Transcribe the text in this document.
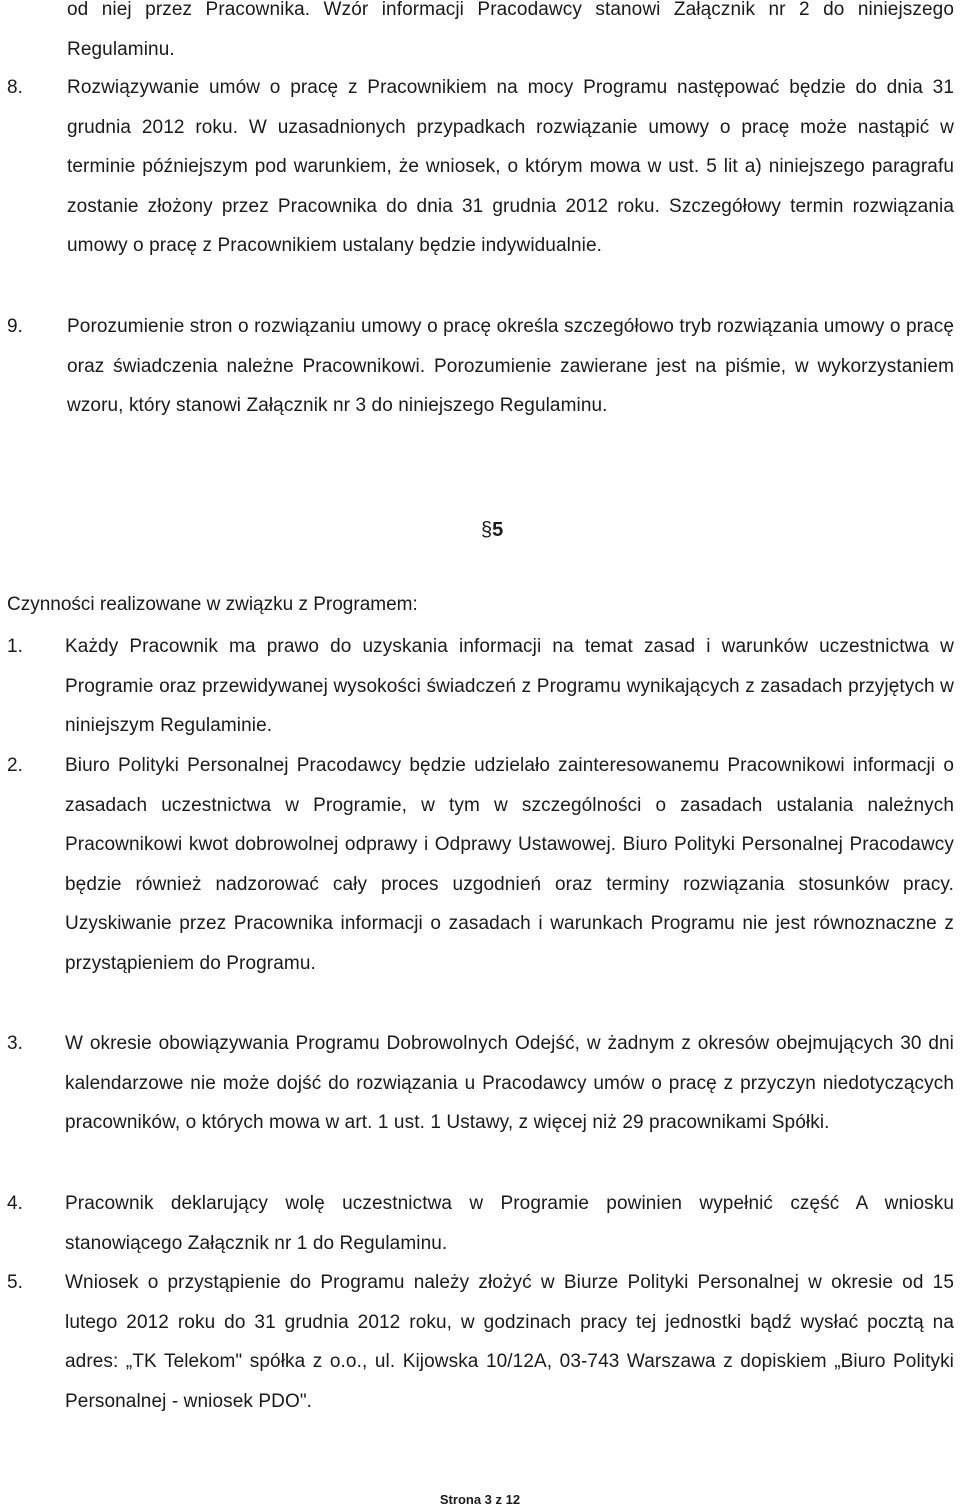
od niej przez Pracownika. Wzór informacji Pracodawcy stanowi Załącznik nr 2 do niniejszego Regulaminu.

8. Rozwiązywanie umów o pracę z Pracownikiem na mocy Programu następować będzie do dnia 31 grudnia 2012 roku. W uzasadnionych przypadkach rozwiązanie umowy o pracę może nastąpić w terminie późniejszym pod warunkiem, że wniosek, o którym mowa w ust. 5 lit a) niniejszego paragrafu zostanie złożony przez Pracownika do dnia 31 grudnia 2012 roku. Szczegółowy termin rozwiązania umowy o pracę z Pracownikiem ustalany będzie indywidualnie.

9. Porozumienie stron o rozwiązaniu umowy o pracę określa szczegółowo tryb rozwiązania umowy o pracę oraz świadczenia należne Pracownikowi. Porozumienie zawierane jest na piśmie, w wykorzystaniem wzoru, który stanowi Załącznik nr 3 do niniejszego Regulaminu.

§5
Czynności realizowane w związku z Programem:
1. Każdy Pracownik ma prawo do uzyskania informacji na temat zasad i warunków uczestnictwa w Programie oraz przewidywanej wysokości świadczeń z Programu wynikających z zasadach przyjętych w niniejszym Regulaminie.

2. Biuro Polityki Personalnej Pracodawcy będzie udzielało zainteresowanemu Pracownikowi informacji o zasadach uczestnictwa w Programie, w tym w szczególności o zasadach ustalania należnych Pracownikowi kwot dobrowolnej odprawy i Odprawy Ustawowej. Biuro Polityki Personalnej Pracodawcy będzie również nadzorować cały proces uzgodnień oraz terminy rozwiązania stosunków pracy. Uzyskiwanie przez Pracownika informacji o zasadach i warunkach Programu nie jest równoznaczne z przystąpieniem do Programu.

3. W okresie obowiązywania Programu Dobrowolnych Odejść, w żadnym z okresów obejmujących 30 dni kalendarzowe nie może dojść do rozwiązania u Pracodawcy umów o pracę z przyczyn niedotyczących pracowników, o których mowa w art. 1 ust. 1 Ustawy, z więcej niż 29 pracownikami Spółki.

4. Pracownik deklarujący wolę uczestnictwa w Programie powinien wypełnić część A wniosku stanowiącego Załącznik nr 1 do Regulaminu.

5. Wniosek o przystąpienie do Programu należy złożyć w Biurze Polityki Personalnej w okresie od 15 lutego 2012 roku do 31 grudnia 2012 roku, w godzinach pracy tej jednostki bądź wysłać pocztą na adres: „TK Telekom" spółka z o.o., ul. Kijowska 10/12A, 03-743 Warszawa z dopiskiem „Biuro Polityki Personalnej - wniosek PDO".

Strona 3 z 12
